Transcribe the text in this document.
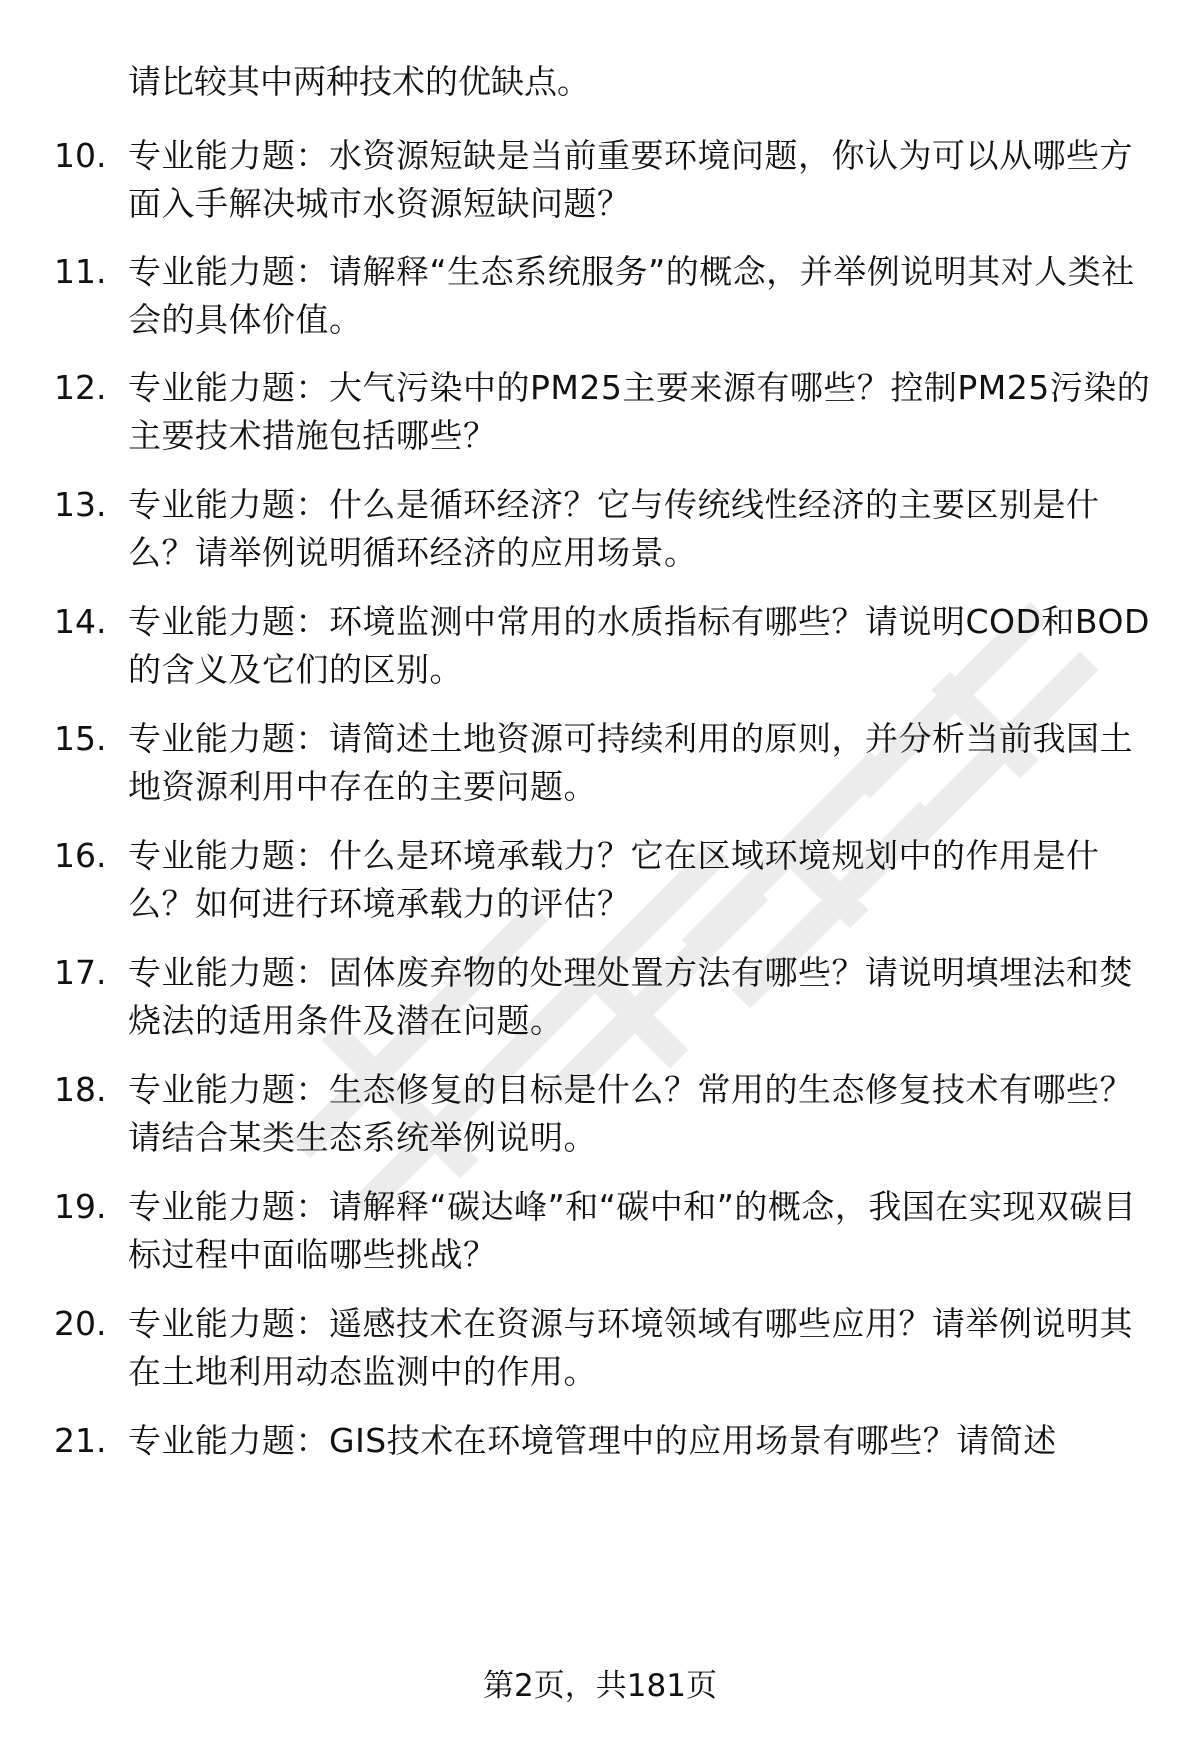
请比较其中两种技术的优缺点。
10. 专业能力题：水资源短缺是当前重要环境问题，你认为可以从哪些方面入手解决城市水资源短缺问题？
11. 专业能力题：请解释“生态系统服务”的概念，并举例说明其对人类社会的具体价值。
12. 专业能力题：大气污染中的PM25主要来源有哪些？控制PM25污染的主要技术措施包括哪些？
13. 专业能力题：什么是循环经济？它与传统线性经济的主要区别是什么？请举例说明循环经济的应用场景。
14. 专业能力题：环境监测中常用的水质指标有哪些？请说明COD和BOD的含义及它们的区别。
15. 专业能力题：请简述土地资源可持续利用的原则，并分析当前我国土地资源利用中存在的主要问题。
16. 专业能力题：什么是环境承载力？它在区域环境规划中的作用是什么？如何进行环境承载力的评估？
17. 专业能力题：固体废弃物的处理处置方法有哪些？请说明填埋法和焚烧法的适用条件及潜在问题。
18. 专业能力题：生态修复的目标是什么？常用的生态修复技术有哪些？请结合某类生态系统举例说明。
19. 专业能力题：请解释“碳达峰”和“碳中和”的概念，我国在实现双碳目标过程中面临哪些挑战？
20. 专业能力题：遥感技术在资源与环境领域有哪些应用？请举例说明其在土地利用动态监测中的作用。
21. 专业能力题：GIS技术在环境管理中的应用场景有哪些？请简述
第2页，共181页
